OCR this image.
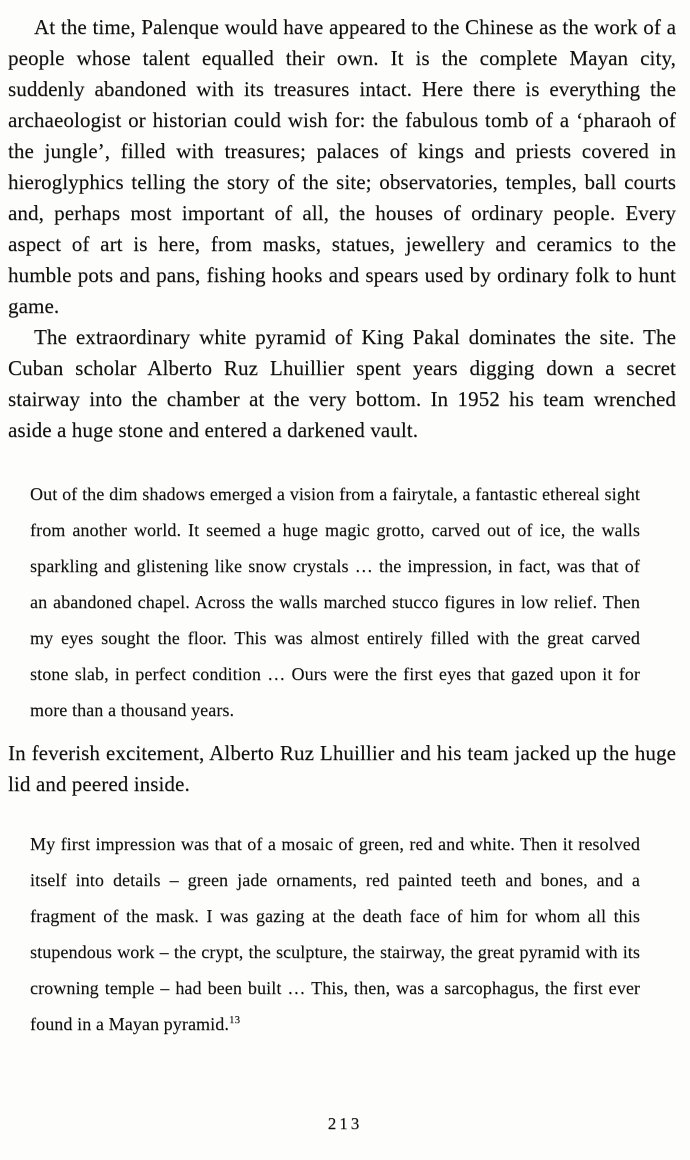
At the time, Palenque would have appeared to the Chinese as the work of a people whose talent equalled their own. It is the complete Mayan city, suddenly abandoned with its treasures intact. Here there is everything the archaeologist or historian could wish for: the fabulous tomb of a ‘pharaoh of the jungle’, filled with treasures; palaces of kings and priests covered in hieroglyphics telling the story of the site; observatories, temples, ball courts and, perhaps most important of all, the houses of ordinary people. Every aspect of art is here, from masks, statues, jewellery and ceramics to the humble pots and pans, fishing hooks and spears used by ordinary folk to hunt game.

The extraordinary white pyramid of King Pakal dominates the site. The Cuban scholar Alberto Ruz Lhuillier spent years digging down a secret stairway into the chamber at the very bottom. In 1952 his team wrenched aside a huge stone and entered a darkened vault.

Out of the dim shadows emerged a vision from a fairytale, a fantastic ethereal sight from another world. It seemed a huge magic grotto, carved out of ice, the walls sparkling and glistening like snow crystals … the impression, in fact, was that of an abandoned chapel. Across the walls marched stucco figures in low relief. Then my eyes sought the floor. This was almost entirely filled with the great carved stone slab, in perfect condition … Ours were the first eyes that gazed upon it for more than a thousand years.

In feverish excitement, Alberto Ruz Lhuillier and his team jacked up the huge lid and peered inside.

My first impression was that of a mosaic of green, red and white. Then it resolved itself into details – green jade ornaments, red painted teeth and bones, and a fragment of the mask. I was gazing at the death face of him for whom all this stupendous work – the crypt, the sculpture, the stairway, the great pyramid with its crowning temple – had been built … This, then, was a sarcophagus, the first ever found in a Mayan pyramid.$^{13}$
213
